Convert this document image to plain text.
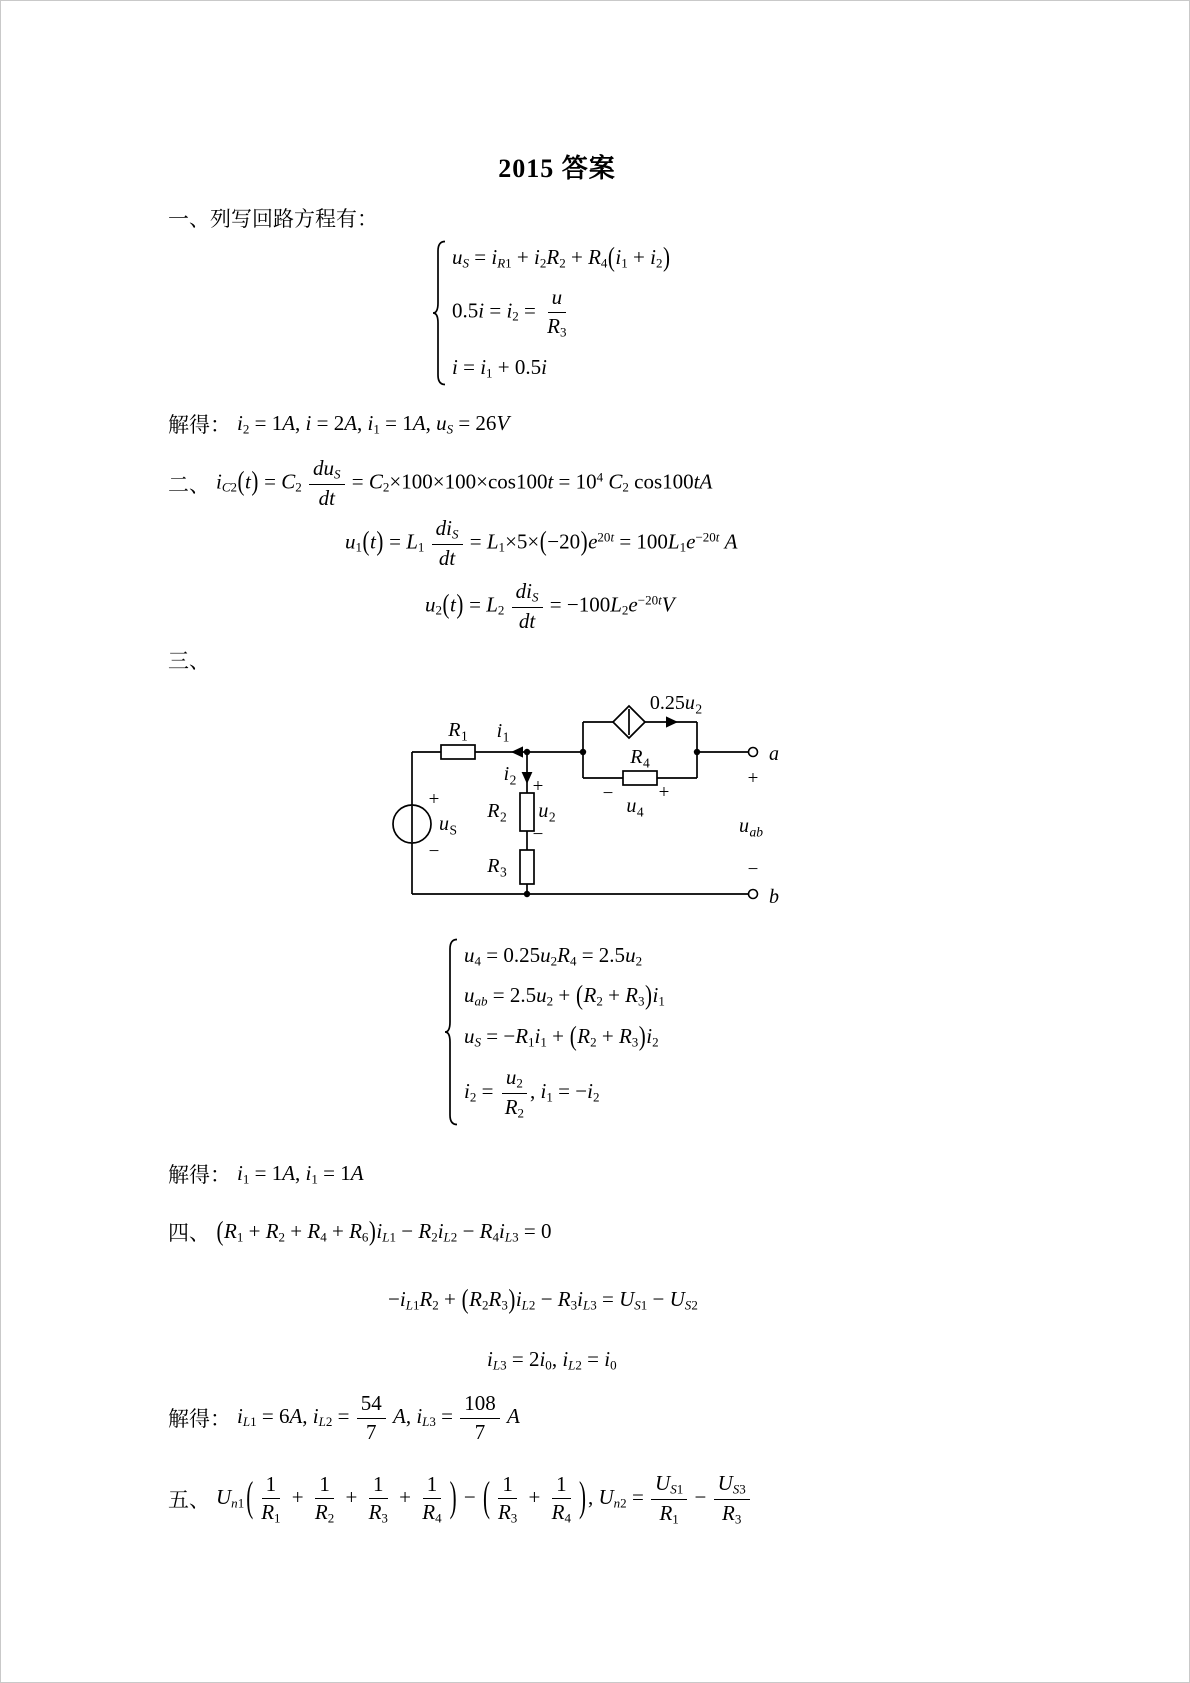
2015 答案
一、列写回路方程有：
$u_S = i_{R1} + i_2R_2 + R_4(i_1 + i_2)$
$0.5i = i_2 = \frac{u}{R_3}$
$i = i_1 + 0.5i$
解得： $i_2 = 1A$, i = 2A, $i_1 = 1A$, $u_S = 26V$
二、 $i_{C2}(t) = C_2 \frac{du_S}{dt} = C_2\times 100\times 100\times\cos 100t = 10^4$ $C_2$ cos100tA
$u_1(t) = L_1 \frac{di_S}{dt} = L_1\times 5\times(-20)e^{20t} = 100L_1e^{-20t}$ A
$u_2(t) = L_2 \frac{di_S}{dt} = -100L_2e^{-20t}V$
三、
$R_1$ $i_1$
$i_2$
+
$u_S$
−
$R_2$
+
$u_2$
−
$R_3$
$0.25u_2$
$R_4$
−
$u_4$
+
a
+
$u_{ab}$
−
b
$u_4 = 0.25u_2R_4 = 2.5u_2$
$u_{ab} = 2.5u_2 + (R_2 + R_3)i_1$
$u_S = -R_1i_1 + (R_2 + R_3)i_2$
$i_2 = \frac{u_2}{R_2}$ , $i_1 = -i_2$
解得： $i_1 = 1A$, $i_1 = 1A$
四、 $(R_1 + R_2 + R_4 + R_6)i_{L1} - R_2i_{L2} - R_4i_{L3} = 0$
$-i_{L1}R_2 + (R_2R_3)i_{L2} - R_3i_{L3} = U_{S1} - U_{S2}$
$i_{L3} = 2i_0$, $i_{L2} = i_0$
解得： $i_{L1} = 6A$, $i_{L2} = \frac{54}{7} A$, $i_{L3} = \frac{108}{7}$ A
五、 $U_{n1}( \frac{1}{R_1} + \frac{1}{R_2} + \frac{1}{R_3} + \frac{1}{R_4}$ ) − ( $\frac{1}{R_3} + \frac{1}{R_4}$ ), $U_{n2} = \frac{U_{S1}}{R_1} - \frac{U_{S3}}{R_3}$
